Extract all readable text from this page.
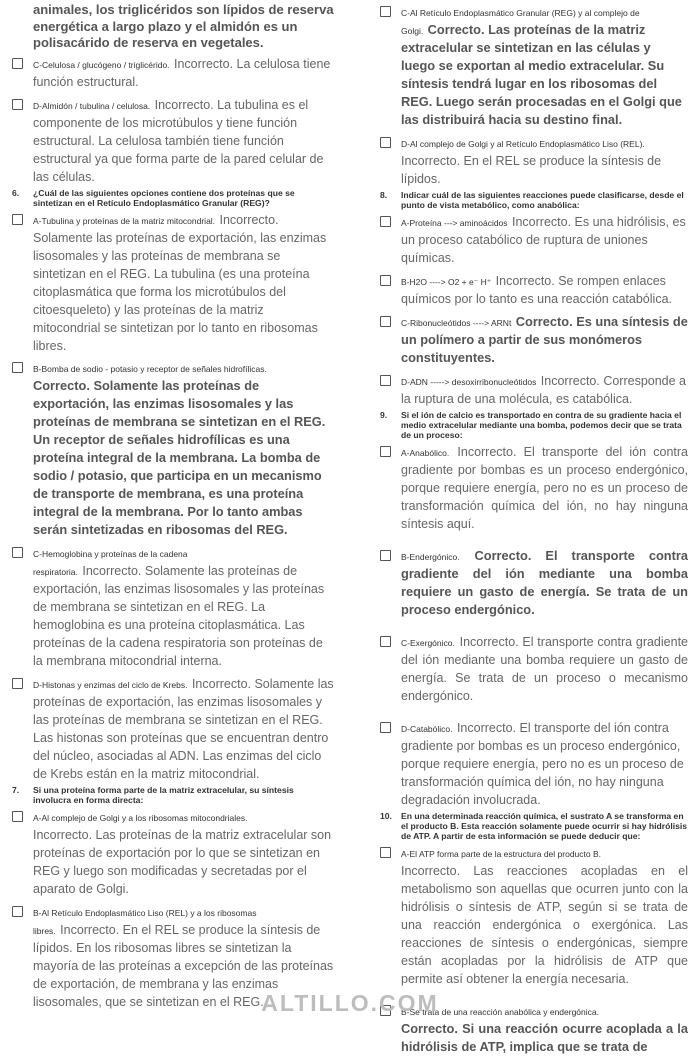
animales, los triglicéridos son lípidos de reserva energética a largo plazo y el almidón es un polisacárido de reserva en vegetales.
C-Celulosa / glucógeno / triglicérido. Incorrecto. La celulosa tiene función estructural.
D-Almidón / tubulina / celulosa. Incorrecto. La tubulina es el componente de los microtúbulos y tiene función estructural. La celulosa también tiene función estructural ya que forma parte de la pared celular de las células.
6.	¿Cuál de las siguientes opciones contiene dos proteínas que se sintetizan en el Retículo Endoplasmático Granular (REG)?
A-Tubulina y proteínas de la matriz mitocondrial. Incorrecto. Solamente las proteínas de exportación, las enzimas lisosomales y las proteínas de membrana se sintetizan en el REG. La tubulina (es una proteína citoplasmática que forma los microtúbulos del citoesqueleto) y las proteínas de la matriz mitocondrial se sintetizan por lo tanto en ribosomas libres.
B-Bomba de sodio - potasio y receptor de señales hidrofílicas.
Correcto. Solamente las proteínas de exportación, las enzimas lisosomales y las proteínas de membrana se sintetizan en el REG. Un receptor de señales hidrofílicas es una proteína integral de la membrana. La bomba de sodio / potasio, que participa en un mecanismo de transporte de membrana, es una proteína integral de la membrana. Por lo tanto ambas serán sintetizadas en ribosomas del REG.
C-Hemoglobina y proteínas de la cadena
respiratoria. Incorrecto. Solamente las proteínas de exportación, las enzimas lisosomales y las proteínas de membrana se sintetizan en el REG. La hemoglobina es una proteína citoplasmática. Las proteínas de la cadena respiratoria son proteínas de la membrana mitocondrial interna.
D-Histonas y enzimas del ciclo de Krebs. Incorrecto. Solamente las proteínas de exportación, las enzimas lisosomales y las proteínas de membrana se sintetizan en el REG. Las histonas son proteínas que se encuentran dentro del núcleo, asociadas al ADN. Las enzimas del ciclo de Krebs están en la matriz mitocondrial.
7.	Si una proteína forma parte de la matriz extracelular, su síntesis involucra en forma directa:
A-Al complejo de Golgi y a los ribosomas mitocondriales.
Incorrecto. Las proteínas de la matriz extracelular son proteínas de exportación por lo que se sintetizan en REG y luego son modificadas y secretadas por el aparato de Golgi.
B-Al Retículo Endoplasmático Liso (REL) y a los ribosomas
libres. Incorrecto. En el REL se produce la síntesis de lípidos. En los ribosomas libres se sintetizan la mayoría de las proteínas a excepción de las proteínas de exportación, de membrana y las enzimas lisosomales, que se sintetizan en el REG.
C-Al Retículo Endoplasmático Granular (REG) y al complejo de
Golgi. Correcto. Las proteínas de la matriz extracelular se sintetizan en las células y luego se exportan al medio extracelular. Su síntesis tendrá lugar en los ribosomas del REG. Luego serán procesadas en el Golgi que las distribuirá hacia su destino final.
D-Al complejo de Golgi y al Retículo Endoplasmático Liso (REL). Incorrecto. En el REL se produce la síntesis de lípidos.
8.	Indicar cuál de las siguientes reacciones puede clasificarse, desde el punto de vista metabólico, como anabólica:
A-Proteína ---> aminoácidos Incorrecto. Es una hidrólisis, es un proceso catabólico de ruptura de uniones químicas.
B-H2O ----> O2 + e⁻ H⁺ Incorrecto. Se rompen enlaces químicos por lo tanto es una reacción catabólica.
C-Ribonucleótidos ----> ARNt Correcto. Es una síntesis de un polímero a partir de sus monómeros constituyentes.
D-ADN -----> desoxirribonucleótidos Incorrecto. Corresponde a la ruptura de una molécula, es catabólica.
9.	Si el ión de calcio es transportado en contra de su gradiente hacia el medio extracelular mediante una bomba, podemos decir que se trata de un proceso:
A-Anabólico. Incorrecto. El transporte del ión contra gradiente por bombas es un proceso endergónico, porque requiere energía, pero no es un proceso de transformación química del ión, no hay ninguna síntesis aquí.
B-Endergónico. Correcto. El transporte contra gradiente del ión mediante una bomba requiere un gasto de energía. Se trata de un proceso endergónico.
C-Exergónico. Incorrecto. El transporte contra gradiente del ión mediante una bomba requiere un gasto de energía. Se trata de un proceso o mecanismo endergónico.
D-Catabólico. Incorrecto. El transporte del ión contra gradiente por bombas es un proceso endergónico, porque requiere energía, pero no es un proceso de transformación química del ión, no hay ninguna degradación involucrada.
10.	En una determinada reacción química, el sustrato A se transforma en el producto B. Esta reacción solamente puede ocurrir si hay hidrólisis de ATP. A partir de esta información se puede deducir que:
A-El ATP forma parte de la estructura del producto B.
Incorrecto. Las reacciones acopladas en el metabolismo son aquellas que ocurren junto con la hidrólisis o síntesis de ATP, según si se trata de una reacción endergónica o exergónica. Las reacciones de síntesis o endergónicas, siempre están acopladas por la hidrólisis de ATP que permite así obtener la energía necesaria.
B-Se trata de una reacción anabólica y endergónica.
Correcto. Si una reacción ocurre acoplada a la hidrólisis de ATP, implica que se trata de
ALTILLO.COM
